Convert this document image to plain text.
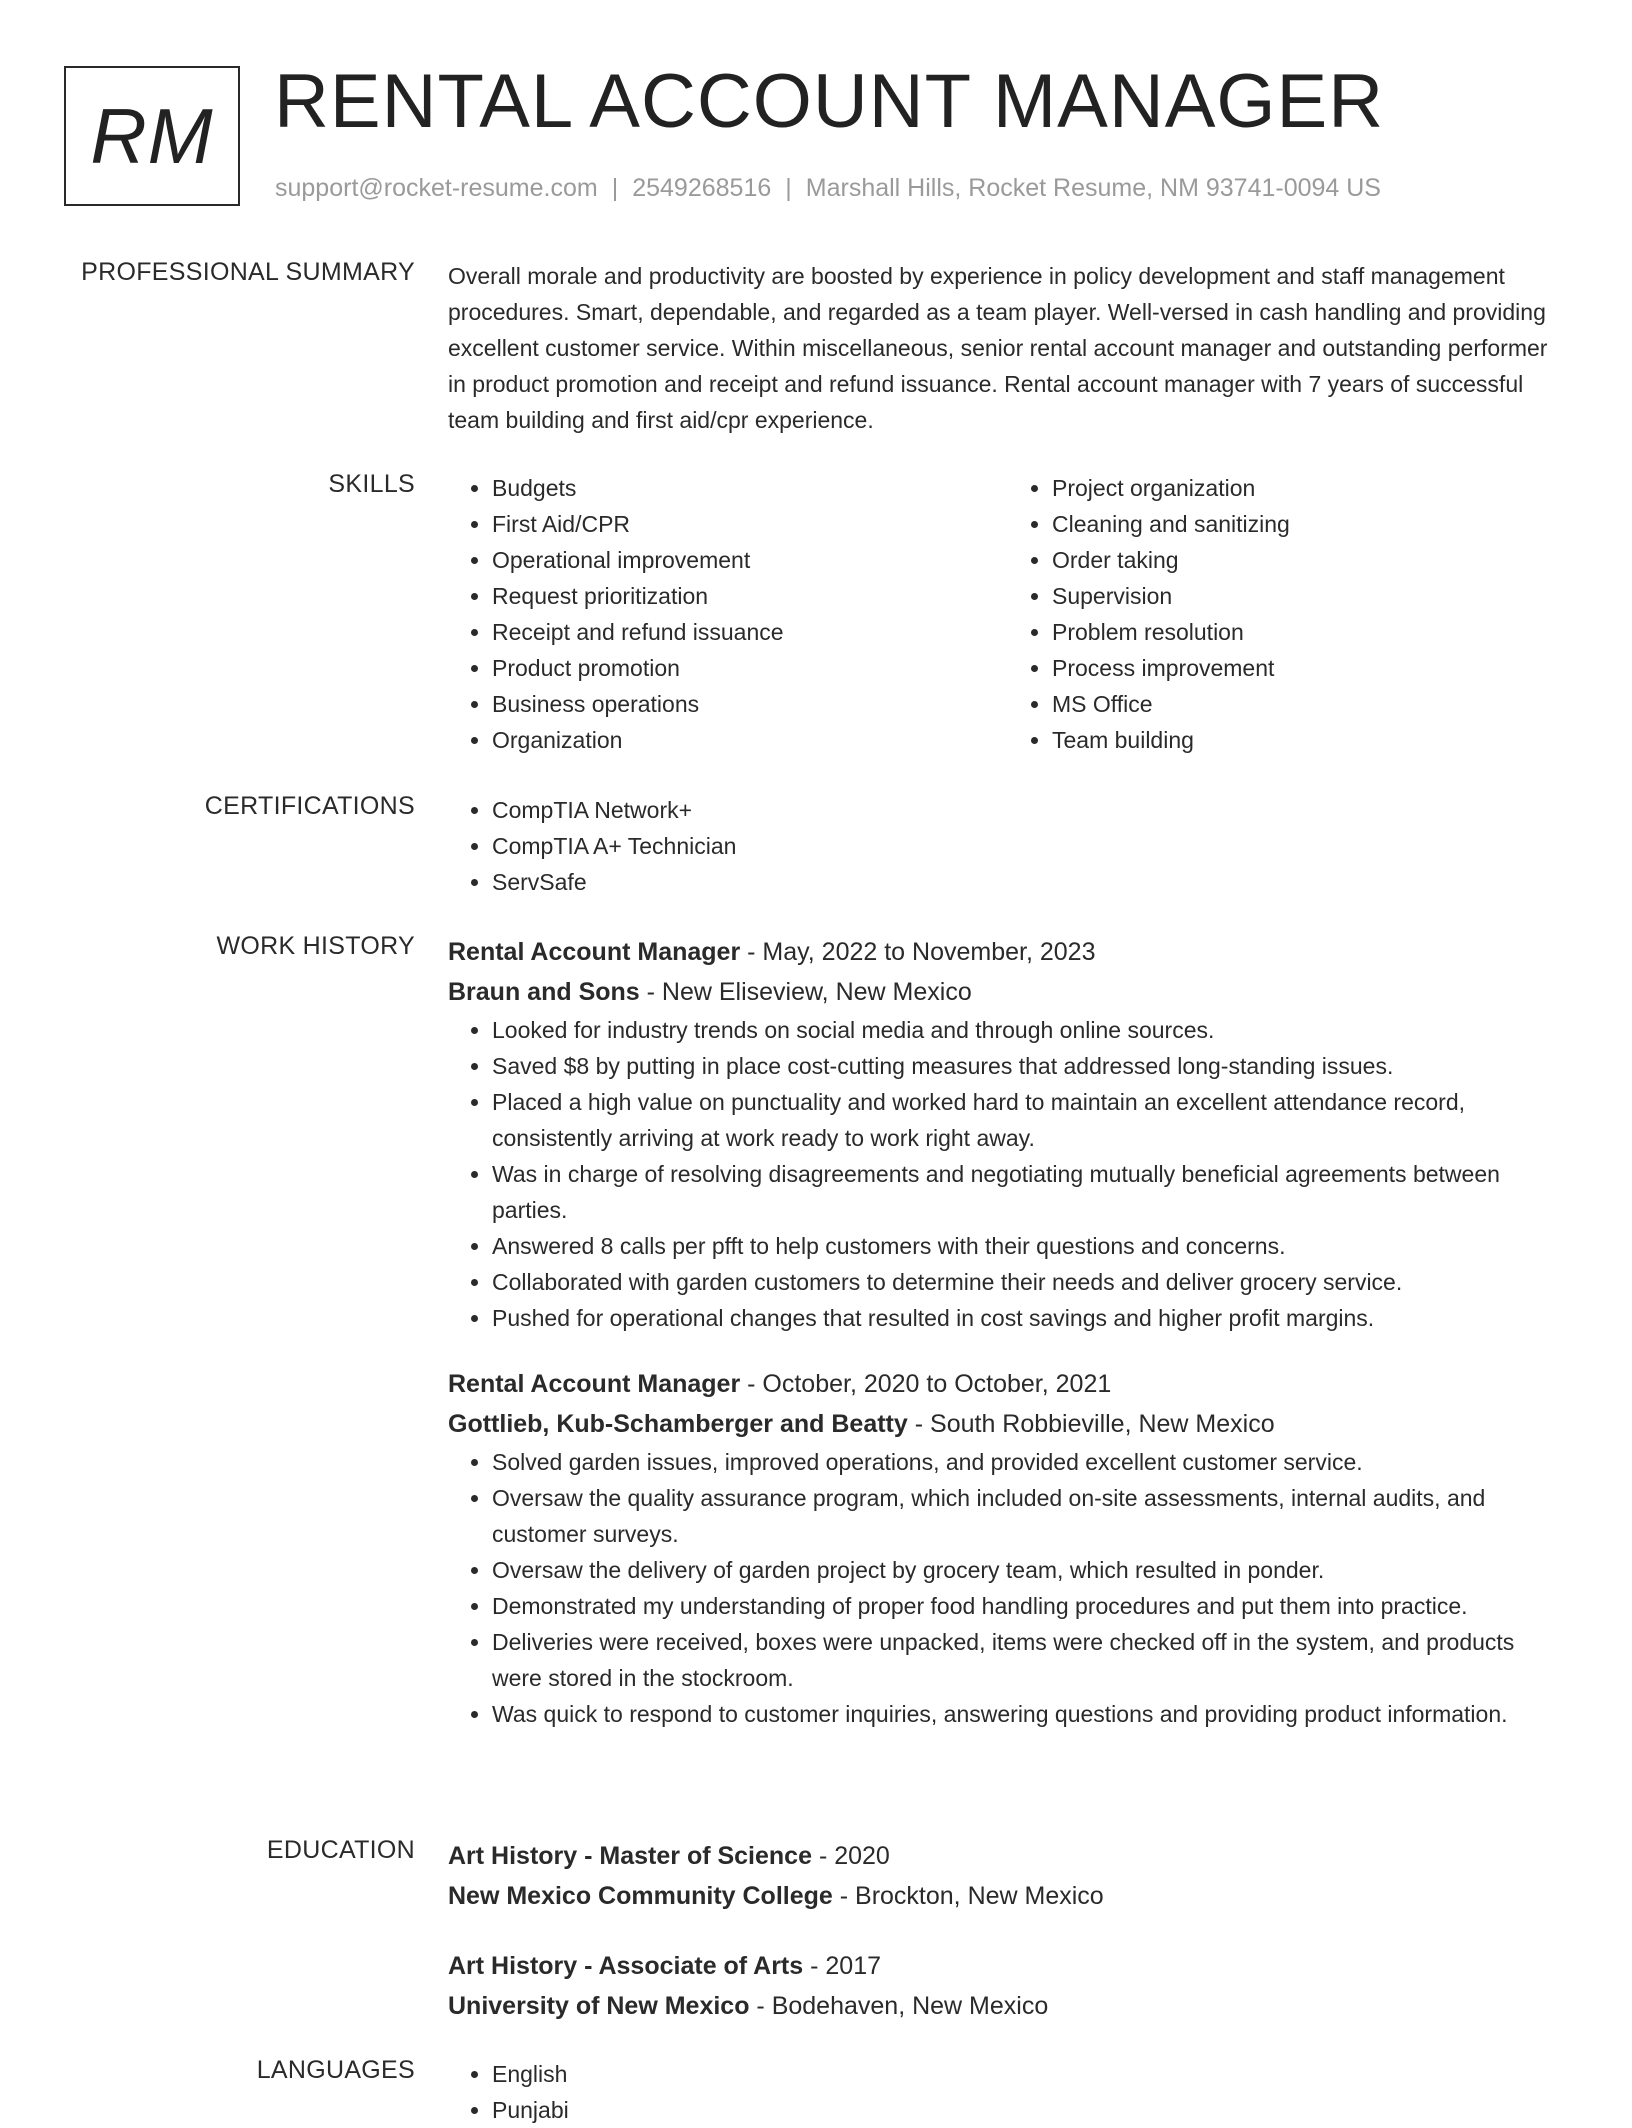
RM RENTAL ACCOUNT MANAGER
support@rocket-resume.com | 2549268516 | Marshall Hills, Rocket Resume, NM 93741-0094 US
PROFESSIONAL SUMMARY Overall morale and productivity are boosted by experience in policy development and staff management procedures. Smart, dependable, and regarded as a team player. Well-versed in cash handling and providing excellent customer service. Within miscellaneous, senior rental account manager and outstanding performer in product promotion and receipt and refund issuance. Rental account manager with 7 years of successful team building and first aid/cpr experience.
SKILLS	• Budgets
• First Aid/CPR
• Operational improvement
• Request prioritization
• Receipt and refund issuance
• Product promotion
• Business operations
• Organization
• Project organization
• Cleaning and sanitizing
• Order taking
• Supervision
• Problem resolution
• Process improvement
• MS Office
• Team building
CERTIFICATIONS	• CompTIA Network+
• CompTIA A+ Technician
• ServSafe
WORK HISTORY Rental Account Manager - May, 2022 to November, 2023
Braun and Sons - New Eliseview, New Mexico
• Looked for industry trends on social media and through online sources.
• Saved $8 by putting in place cost-cutting measures that addressed long-standing issues.
• Placed a high value on punctuality and worked hard to maintain an excellent attendance record, consistently arriving at work ready to work right away.
• Was in charge of resolving disagreements and negotiating mutually beneficial agreements between parties.
• Answered 8 calls per pfft to help customers with their questions and concerns.
• Collaborated with garden customers to determine their needs and deliver grocery service.
• Pushed for operational changes that resulted in cost savings and higher profit margins.
Rental Account Manager - October, 2020 to October, 2021
Gottlieb, Kub-Schamberger and Beatty - South Robbieville, New Mexico
• Solved garden issues, improved operations, and provided excellent customer service.
• Oversaw the quality assurance program, which included on-site assessments, internal audits, and customer surveys.
• Oversaw the delivery of garden project by grocery team, which resulted in ponder.
• Demonstrated my understanding of proper food handling procedures and put them into practice.
• Deliveries were received, boxes were unpacked, items were checked off in the system, and products were stored in the stockroom.
• Was quick to respond to customer inquiries, answering questions and providing product information.
EDUCATION Art History - Master of Science - 2020
New Mexico Community College - Brockton, New Mexico
Art History - Associate of Arts - 2017
University of New Mexico - Bodehaven, New Mexico
LANGUAGES	• English
• Punjabi
